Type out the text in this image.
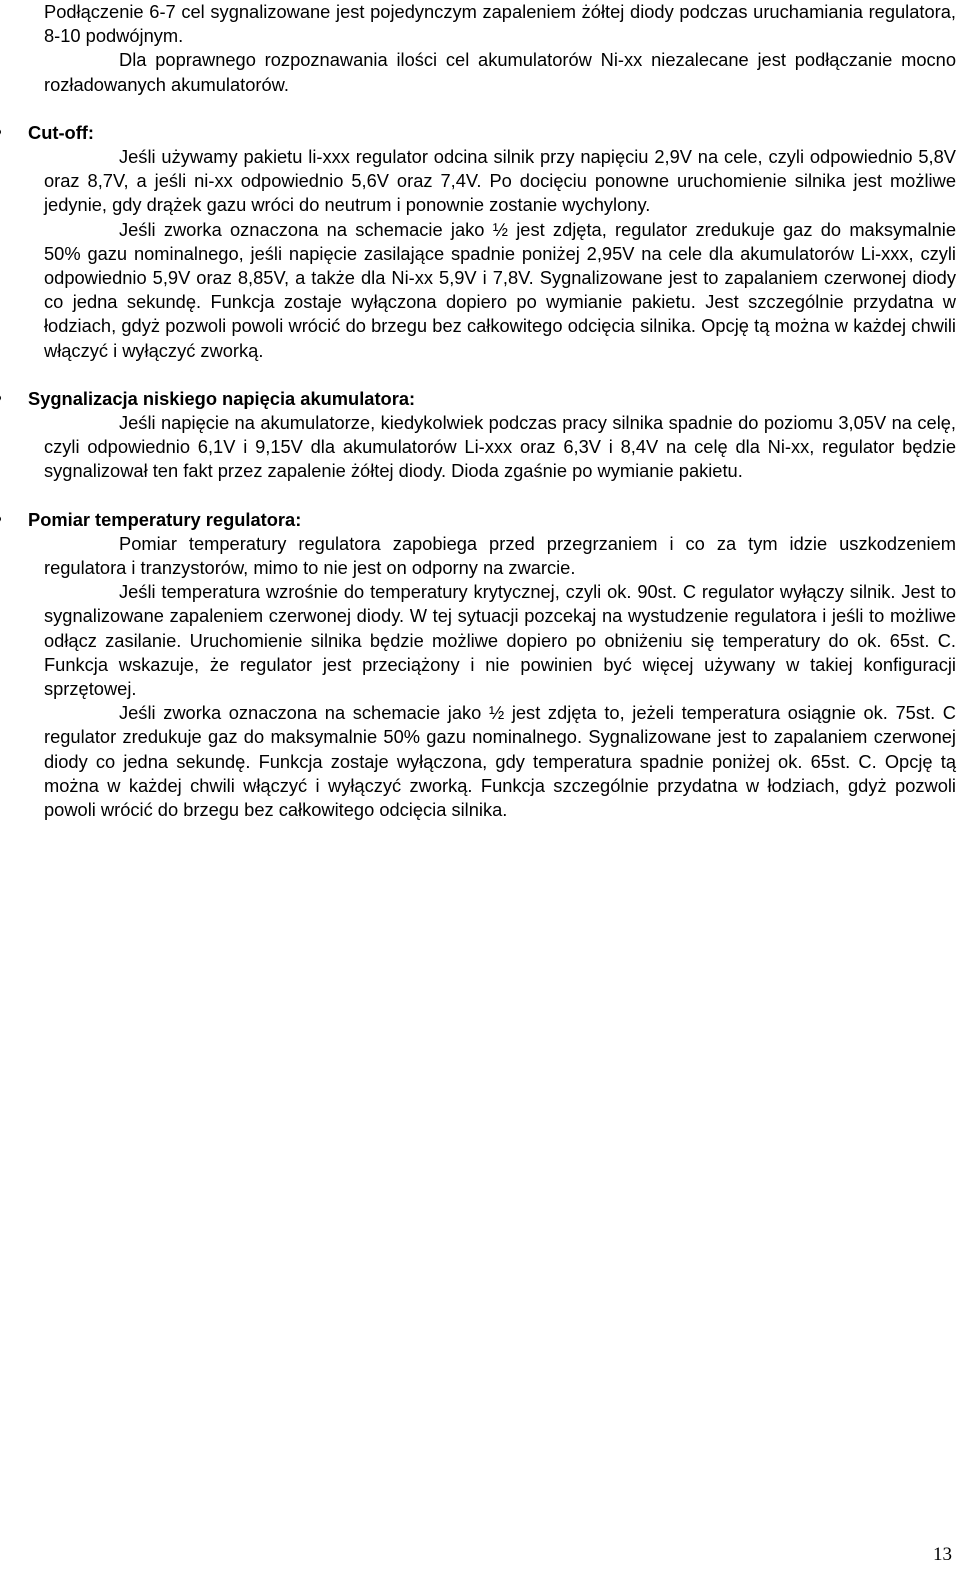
Podłączenie 6-7 cel sygnalizowane jest pojedynczym zapaleniem żółtej diody podczas uruchamiania regulatora, 8-10 podwójnym.

Dla poprawnego rozpoznawania ilości cel akumulatorów Ni-xx niezalecane jest podłączanie mocno rozładowanych akumulatorów.

Cut-off:

Jeśli używamy pakietu li-xxx regulator odcina silnik przy napięciu 2,9V na cele, czyli odpowiednio 5,8V oraz 8,7V, a jeśli ni-xx odpowiednio 5,6V oraz 7,4V. Po docięciu ponowne uruchomienie silnika jest możliwe jedynie, gdy drążek gazu wróci do neutrum i ponownie zostanie wychylony.

Jeśli zworka oznaczona na schemacie jako ½ jest zdjęta, regulator zredukuje gaz do maksymalnie 50% gazu nominalnego, jeśli napięcie zasilające spadnie poniżej 2,95V na cele dla akumulatorów Li-xxx, czyli odpowiednio 5,9V oraz 8,85V, a także dla Ni-xx 5,9V i 7,8V. Sygnalizowane jest to zapalaniem czerwonej diody co jedna sekundę. Funkcja zostaje wyłączona dopiero po wymianie pakietu. Jest szczególnie przydatna w łodziach, gdyż pozwoli powoli wrócić do brzegu bez całkowitego odcięcia silnika. Opcję tą można w każdej chwili włączyć i wyłączyć zworką.

Sygnalizacja niskiego napięcia akumulatora:

Jeśli napięcie na akumulatorze, kiedykolwiek podczas pracy silnika spadnie do poziomu 3,05V na celę, czyli odpowiednio 6,1V i 9,15V dla akumulatorów Li-xxx oraz 6,3V i 8,4V na celę dla Ni-xx, regulator będzie sygnalizował ten fakt przez zapalenie żółtej diody. Dioda zgaśnie po wymianie pakietu.

Pomiar temperatury regulatora:

Pomiar temperatury regulatora zapobiega przed przegrzaniem i co za tym idzie uszkodzeniem regulatora i tranzystorów, mimo to nie jest on odporny na zwarcie.

Jeśli temperatura wzrośnie do temperatury krytycznej, czyli ok. 90st. C regulator wyłączy silnik. Jest to sygnalizowane zapaleniem czerwonej diody. W tej sytuacji pozcekaj na wystudzenie regulatora i jeśli to możliwe odłącz zasilanie. Uruchomienie silnika będzie możliwe dopiero po obniżeniu się temperatury do ok. 65st. C. Funkcja wskazuje, że regulator jest przeciążony i nie powinien być więcej używany w takiej konfiguracji sprzętowej.

Jeśli zworka oznaczona na schemacie jako ½ jest zdjęta to, jeżeli temperatura osiągnie ok. 75st. C regulator zredukuje gaz do maksymalnie 50% gazu nominalnego. Sygnalizowane jest to zapalaniem czerwonej diody co jedna sekundę. Funkcja zostaje wyłączona, gdy temperatura spadnie poniżej ok. 65st. C. Opcję tą można w każdej chwili włączyć i wyłączyć zworką. Funkcja szczególnie przydatna w łodziach, gdyż pozwoli powoli wrócić do brzegu bez całkowitego odcięcia silnika.

13
